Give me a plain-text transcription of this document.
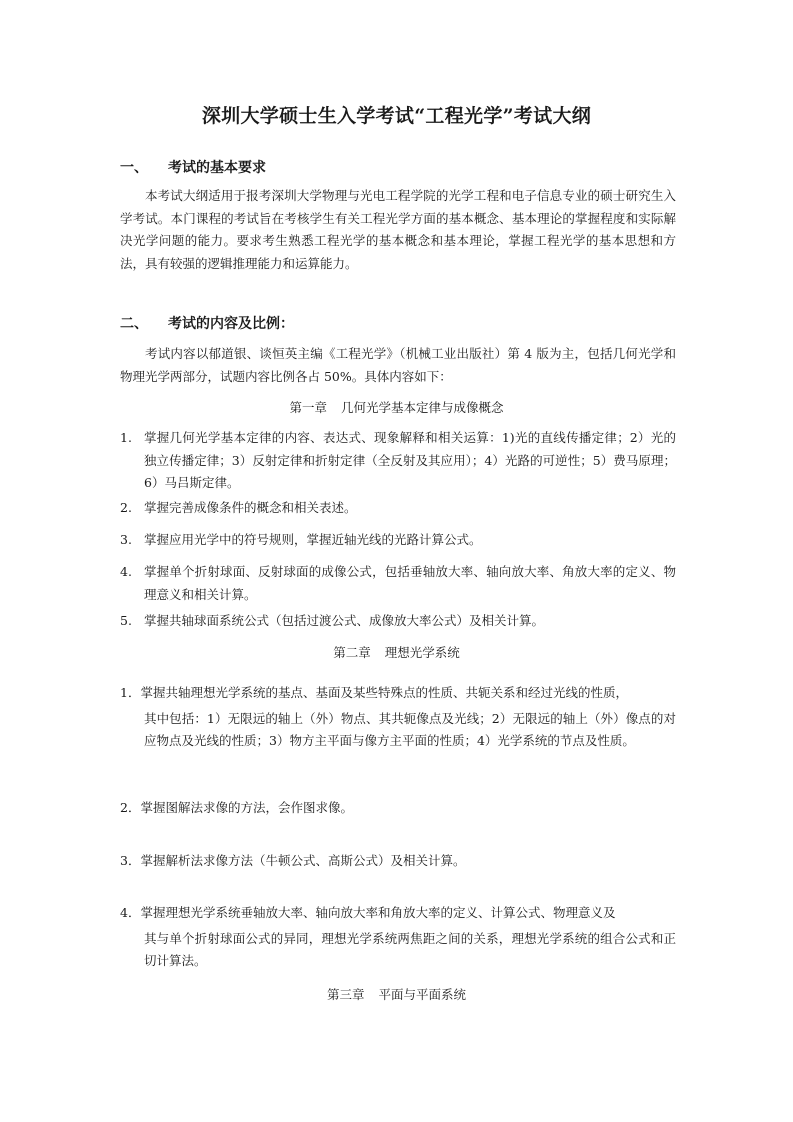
深圳大学硕士生入学考试“工程光学”考试大纲
一、 考试的基本要求
本考试大纲适用于报考深圳大学物理与光电工程学院的光学工程和电子信息专业的硕士研究生入学考试。本门课程的考试旨在考核学生有关工程光学方面的基本概念、基本理论的掌握程度和实际解决光学问题的能力。要求考生熟悉工程光学的基本概念和基本理论，掌握工程光学的基本思想和方法，具有较强的逻辑推理能力和运算能力。
二、 考试的内容及比例：
考试内容以郁道银、谈恒英主编《工程光学》（机械工业出版社）第 4 版为主，包括几何光学和物理光学两部分，试题内容比例各占 50%。具体内容如下：
第一章 几何光学基本定律与成像概念
1. 掌握几何光学基本定律的内容、表达式、现象解释和相关运算：1)光的直线传播定律；2）光的独立传播定律；3）反射定律和折射定律（全反射及其应用）；4）光路的可逆性；5）费马原理；6）马吕斯定律。
2. 掌握完善成像条件的概念和相关表述。
3. 掌握应用光学中的符号规则，掌握近轴光线的光路计算公式。
4. 掌握单个折射球面、反射球面的成像公式，包括垂轴放大率、轴向放大率、角放大率的定义、物理意义和相关计算。
5. 掌握共轴球面系统公式（包括过渡公式、成像放大率公式）及相关计算。
第二章 理想光学系统
1．掌握共轴理想光学系统的基点、基面及某些特殊点的性质、共轭关系和经过光线的性质，
其中包括：1）无限远的轴上（外）物点、其共轭像点及光线；2）无限远的轴上（外）像点的对应物点及光线的性质；3）物方主平面与像方主平面的性质；4）光学系统的节点及性质。
2．掌握图解法求像的方法，会作图求像。
3．掌握解析法求像方法（牛顿公式、高斯公式）及相关计算。
4．掌握理想光学系统垂轴放大率、轴向放大率和角放大率的定义、计算公式、物理意义及
其与单个折射球面公式的异同，理想光学系统两焦距之间的关系，理想光学系统的组合公式和正切计算法。
第三章 平面与平面系统
